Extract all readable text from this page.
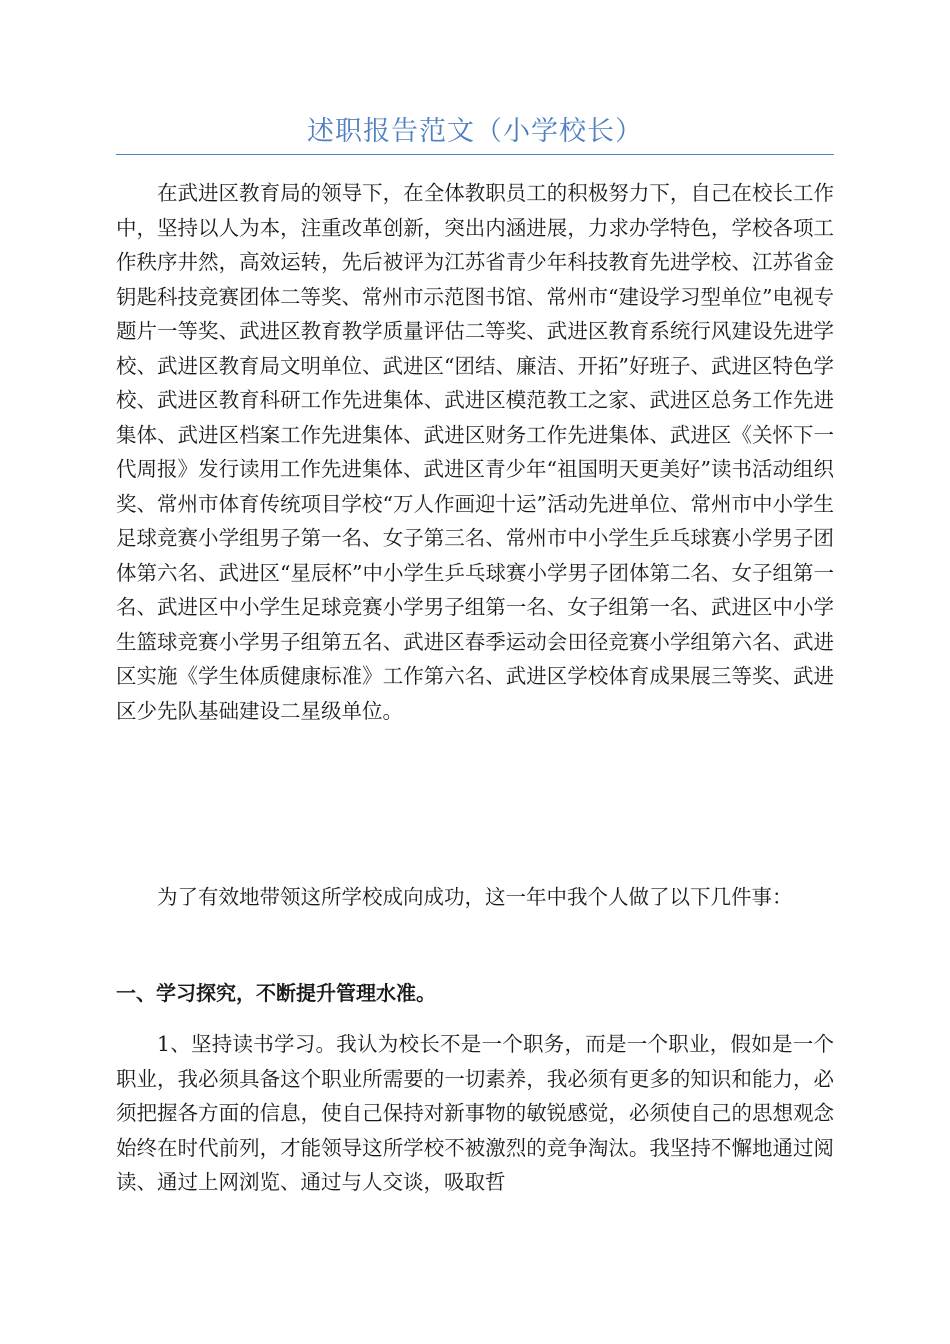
述职报告范文（小学校长）

在武进区教育局的领导下，在全体教职员工的积极努力下，自己在校长工作中，坚持以人为本，注重改革创新，突出内涵进展，力求办学特色，学校各项工作秩序井然，高效运转，先后被评为江苏省青少年科技教育先进学校、江苏省金钥匙科技竞赛团体二等奖、常州市示范图书馆、常州市“建设学习型单位”电视专题片一等奖、武进区教育教学质量评估二等奖、武进区教育系统行风建设先进学校、武进区教育局文明单位、武进区“团结、廉洁、开拓”好班子、武进区特色学校、武进区教育科研工作先进集体、武进区模范教工之家、武进区总务工作先进集体、武进区档案工作先进集体、武进区财务工作先进集体、武进区《关怀下一代周报》发行读用工作先进集体、武进区青少年“祖国明天更美好”读书活动组织奖、常州市体育传统项目学校“万人作画迎十运”活动先进单位、常州市中小学生足球竞赛小学组男子第一名、女子第三名、常州市中小学生乒乓球赛小学男子团体第六名、武进区“星辰杯”中小学生乒乓球赛小学男子团体第二名、女子组第一名、武进区中小学生足球竞赛小学男子组第一名、女子组第一名、武进区中小学生篮球竞赛小学男子组第五名、武进区春季运动会田径竞赛小学组第六名、武进区实施《学生体质健康标准》工作第六名、武进区学校体育成果展三等奖、武进区少先队基础建设二星级单位。

为了有效地带领这所学校成向成功，这一年中我个人做了以下几件事：

一、学习探究，不断提升管理水准。

1、坚持读书学习。我认为校长不是一个职务，而是一个职业，假如是一个职业，我必须具备这个职业所需要的一切素养，我必须有更多的知识和能力，必须把握各方面的信息，使自己保持对新事物的敏锐感觉，必须使自己的思想观念始终在时代前列，才能领导这所学校不被激烈的竞争淘汰。我坚持不懈地通过阅读、通过上网浏览、通过与人交谈，吸取哲
